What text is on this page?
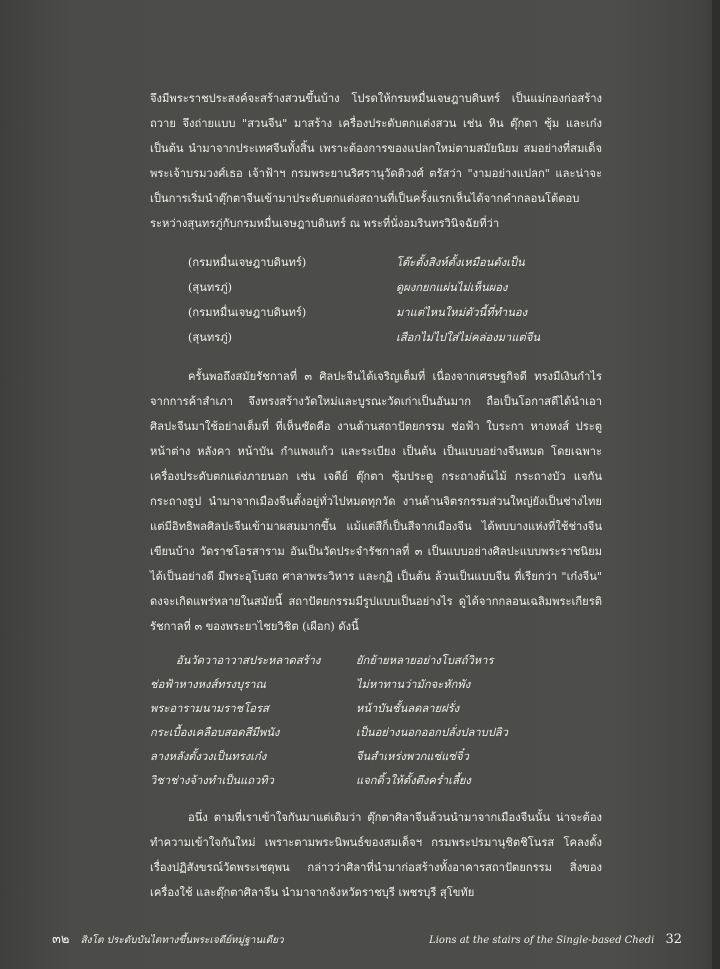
จึงมีพระราชประสงค์จะสร้างสวนขึ้นบ้าง โปรดให้กรมหมื่นเจษฎาบดินทร์ เป็นแม่กองก่อสร้างถวาย จึงถ่ายแบบ "สวนจีน" มาสร้าง เครื่องประดับตกแต่งสวน เช่น หิน ตุ๊กตา ซุ้ม และเก๋ง เป็นต้น นำมาจากประเทศจีนทั้งสิ้น เพราะต้องการของแปลกใหม่ตามสมัยนิยม สมอย่างที่สมเด็จพระเจ้าบรมวงศ์เธอ เจ้าฟ้าฯ กรมพระยานริศรานุวัดติวงศ์ ตรัสว่า "งามอย่างแปลก" และน่าจะเป็นการเริ่มนำตุ๊กตาจีนเข้ามาประดับตกแต่งสถานที่เป็นครั้งแรกเห็นได้จากคำกลอนโต้ตอบระหว่างสุนทรภู่กับกรมหมื่นเจษฎาบดินทร์ ณ พระที่นั่งอมรินทรวินิจฉัยที่ว่า

(กรมหมื่นเจษฎาบดินทร์)	โต๊ะตั้งสิงห์ตั้งเหมือนดังเป็น
(สุนทรภู่)	ดูผงกยกแผ่นไม่เห็นผอง
(กรมหมื่นเจษฎาบดินทร์)	มาแต่ไหนใหม่ตัวนี้ที่ทำนอง
(สุนทรภู่)	เสือกไม่ไปใส่ไม่คล่องมาแต่จีน

ครั้นพอถึงสมัยรัชกาลที่ ๓ ศิลปะจีนได้เจริญเต็มที่ เนื่องจากเศรษฐกิจดี ทรงมีเงินกำไรจากการค้าสำเภา จึงทรงสร้างวัดใหม่และบูรณะวัดเก่าเป็นอันมาก ถือเป็นโอกาสดีได้นำเอาศิลปะจีนมาใช้อย่างเต็มที่ ที่เห็นชัดคือ งานด้านสถาปัตยกรรม ช่อฟ้า ใบระกา หางหงส์ ประตู หน้าต่าง หลังคา หน้าบัน กำแพงแก้ว และระเบียง เป็นต้น เป็นแบบอย่างจีนหมด โดยเฉพาะเครื่องประดับตกแต่งภายนอก เช่น เจดีย์ ตุ๊กตา ซุ้มประตู กระถางต้นไม้ กระถางบัว แจกัน กระถางธูป นำมาจากเมืองจีนตั้งอยู่ทั่วไปหมดทุกวัด งานด้านจิตรกรรมส่วนใหญ่ยังเป็นช่างไทยแต่มีอิทธิพลศิลปะจีนเข้ามาผสมมากขึ้น แม้แต่สีก็เป็นสีจากเมืองจีน ได้พบบางแห่งที่ใช้ช่างจีนเขียนบ้าง วัดราชโอรสาราม อันเป็นวัดประจำรัชกาลที่ ๓ เป็นแบบอย่างศิลปะแบบพระราชนิยมได้เป็นอย่างดี มีพระอุโบสถ ศาลาพระวิหาร และกุฏิ เป็นต้น ล้วนเป็นแบบจีน ที่เรียกว่า "เก๋งจีน" ดงจะเกิดแพร่หลายในสมัยนี้ สถาปัตยกรรมมีรูปแบบเป็นอย่างไร ดูได้จากกลอนเฉลิมพระเกียรติ รัชกาลที่ ๓ ของพระยาไชยวิชิต (เผือก) ดังนี้

อันวัดวาอาวาสประหลาดสร้าง	ยักย้ายหลายอย่างโบสถ์วิหาร
ช่อฟ้าหางหงส์ทรงบุราณ	ไม่หาทานว่ามักจะหักพัง
พระอารามนามราชโอรส	หน้าบันชั้นลดลายฝรั่ง
กระเบื้องเคลือบสอดสีมีพนัง	เป็นอย่างนอกออกปลั่งปลาบปลิว
ลางหลังตั้งวงเป็นทรงเก๋ง	จีนสำเหร่งพวกแซ่แซ่จิ๋ว
วิชาช่างจ้างทำเป็นแถวทิว	แจกดิ้วให้ตั้งตึงคร่ำเลี้ยง

อนึ่ง ตามที่เราเข้าใจกันมาแต่เดิมว่า ตุ๊กตาศิลาจีนล้วนนำมาจากเมืองจีนนั้น น่าจะต้องทำความเข้าใจกันใหม่ เพราะตามพระนิพนธ์ของสมเด็จฯ กรมพระปรมานุชิตชิโนรส โคลงดั้งเรื่องปฏิสังขรณ์วัดพระเชตุพน กล่าวว่าศิลาที่นำมาก่อสร้างทั้งอาคารสถาปัตยกรรม สิ่งของเครื่องใช้ และตุ๊กตาศิลาจีน นำมาจากจังหวัดราชบุรี เพชรบุรี สุโขทัย

๓๒ สิงโต ประดับบันไดทางขึ้นพระเจดีย์หมู่ฐานเดียว	Lions at the stairs of the Single-based Chedi 32
